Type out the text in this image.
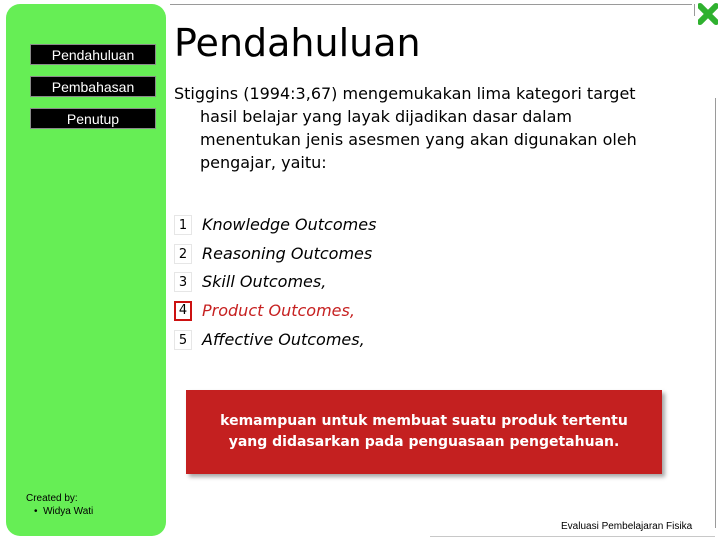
Pendahuluan
Pembahasan
Penutup
Created by:
•  Widya Wati
Pendahuluan
Stiggins (1994:3,67) mengemukakan lima kategori target hasil belajar yang layak dijadikan dasar dalam menentukan jenis asesmen yang akan digunakan oleh pengajar, yaitu:
1 Knowledge Outcomes
2 Reasoning Outcomes
3 Skill Outcomes,
4 Product Outcomes,
5 Affective Outcomes,
kemampuan untuk membuat suatu produk tertentu yang didasarkan pada penguasaan pengetahuan.
Evaluasi Pembelajaran Fisika
